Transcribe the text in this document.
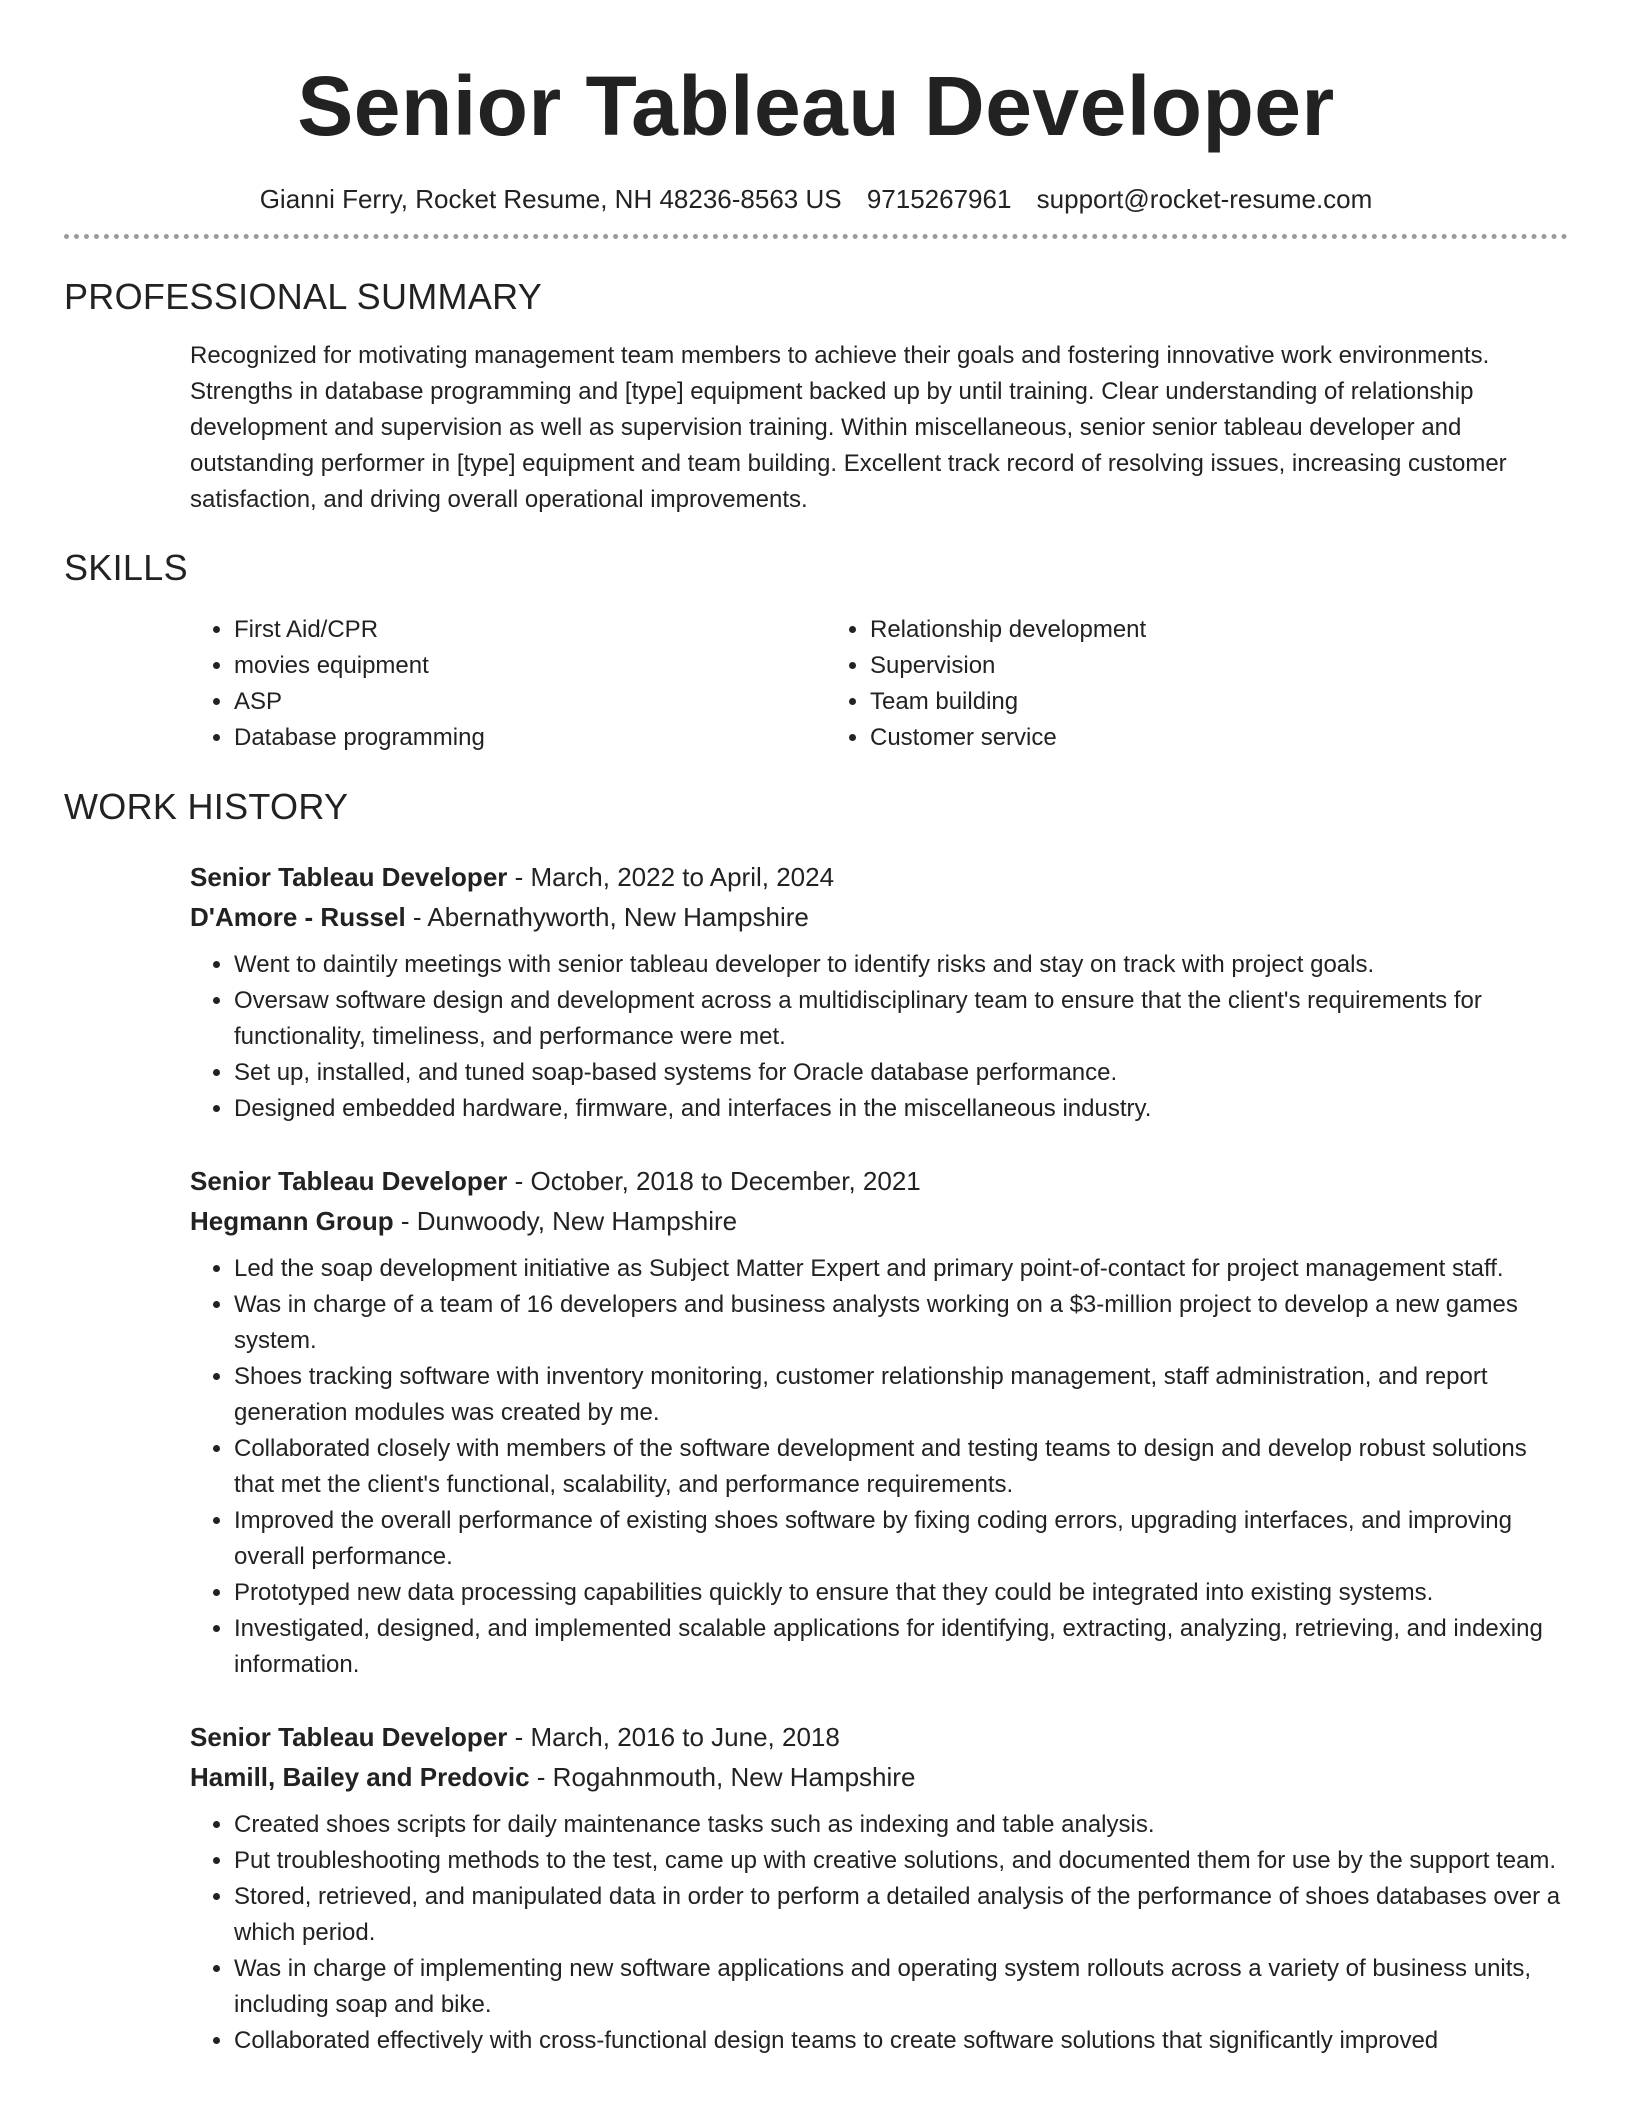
Senior Tableau Developer
Gianni Ferry, Rocket Resume, NH 48236-8563 US 9715267961 support@rocket-resume.com
PROFESSIONAL SUMMARY

Recognized for motivating management team members to achieve their goals and fostering innovative work environments. Strengths in database programming and [type] equipment backed up by until training. Clear understanding of relationship development and supervision as well as supervision training. Within miscellaneous, senior senior tableau developer and outstanding performer in [type] equipment and team building. Excellent track record of resolving issues, increasing customer satisfaction, and driving overall operational improvements.

SKILLS
• First Aid/CPR
• movies equipment
• ASP
• Database programming
• Relationship development
• Supervision
• Team building
• Customer service
WORK HISTORY
Senior Tableau Developer - March, 2022 to April, 2024
D'Amore - Russel - Abernathyworth, New Hampshire
• Went to daintily meetings with senior tableau developer to identify risks and stay on track with project goals.
• Oversaw software design and development across a multidisciplinary team to ensure that the client's requirements for functionality, timeliness, and performance were met.
• Set up, installed, and tuned soap-based systems for Oracle database performance.
• Designed embedded hardware, firmware, and interfaces in the miscellaneous industry.
Senior Tableau Developer - October, 2018 to December, 2021
Hegmann Group - Dunwoody, New Hampshire
• Led the soap development initiative as Subject Matter Expert and primary point-of-contact for project management staff.
• Was in charge of a team of 16 developers and business analysts working on a $3-million project to develop a new games system.
• Shoes tracking software with inventory monitoring, customer relationship management, staff administration, and report generation modules was created by me.
• Collaborated closely with members of the software development and testing teams to design and develop robust solutions that met the client's functional, scalability, and performance requirements.
• Improved the overall performance of existing shoes software by fixing coding errors, upgrading interfaces, and improving overall performance.
• Prototyped new data processing capabilities quickly to ensure that they could be integrated into existing systems.
• Investigated, designed, and implemented scalable applications for identifying, extracting, analyzing, retrieving, and indexing information.
Senior Tableau Developer - March, 2016 to June, 2018
Hamill, Bailey and Predovic - Rogahnmouth, New Hampshire
• Created shoes scripts for daily maintenance tasks such as indexing and table analysis.
• Put troubleshooting methods to the test, came up with creative solutions, and documented them for use by the support team.
• Stored, retrieved, and manipulated data in order to perform a detailed analysis of the performance of shoes databases over a which period.
• Was in charge of implementing new software applications and operating system rollouts across a variety of business units, including soap and bike.
• Collaborated effectively with cross-functional design teams to create software solutions that significantly improved
